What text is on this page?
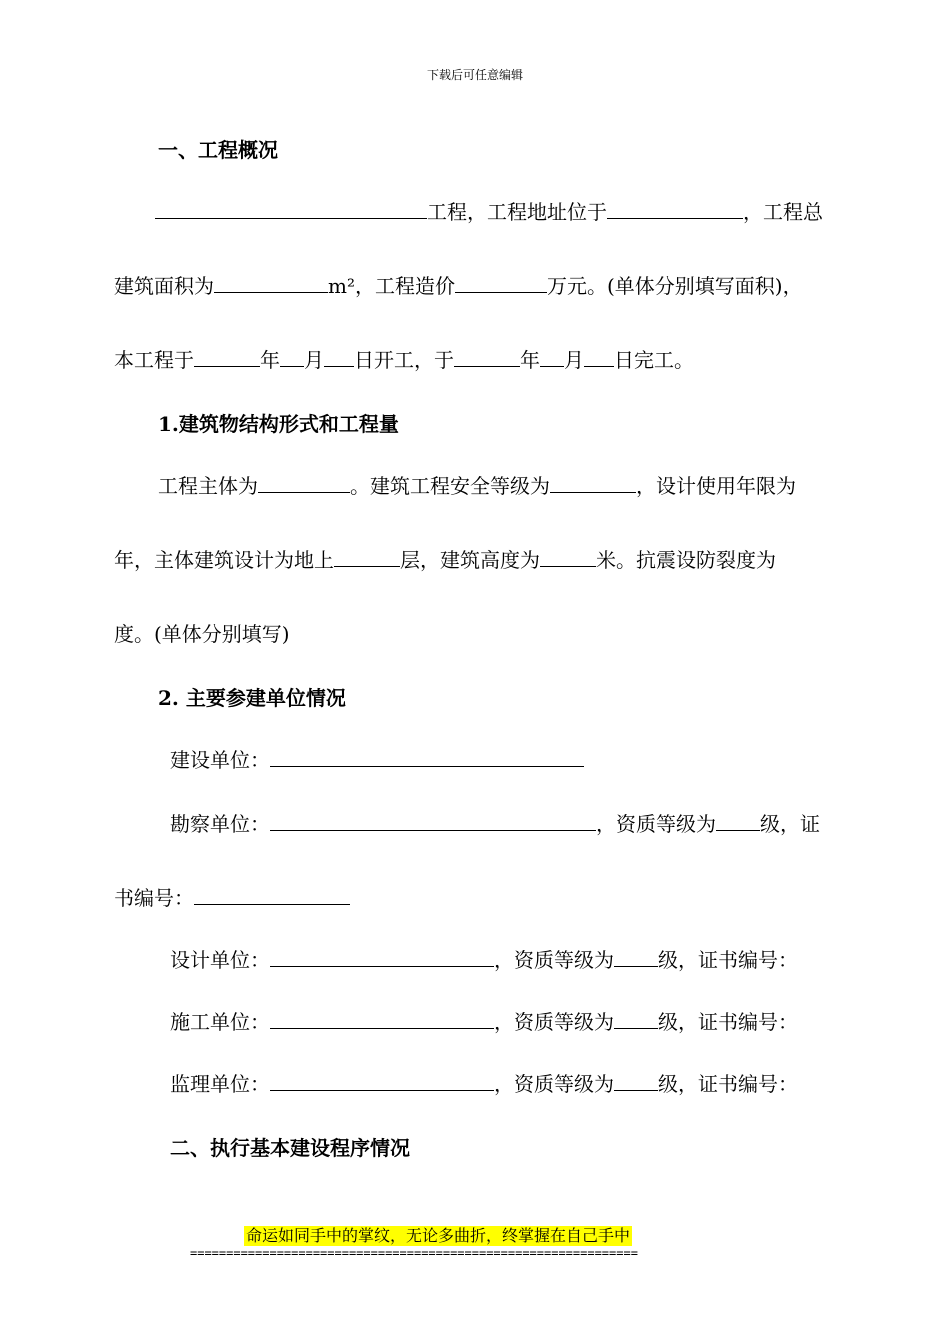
下载后可任意编辑
一、工程概况
工程，工程地址位于	，工程总
建筑面积为	m²，工程造价	万元。(单体分别填写面积)，
本工程于	年 月 日开工，于	年 月 日完工。
1.建筑物结构形式和工程量
工程主体为	。建筑工程安全等级为	，设计使用年限为
年，主体建筑设计为地上	层，建筑高度为	米。抗震设防裂度为
度。(单体分别填写)
2. 主要参建单位情况
建设单位：
勘察单位：	，资质等级为 级，证
书编号：
设计单位：	，资质等级为 级，证书编号：
施工单位：	，资质等级为 级，证书编号：
监理单位：	，资质等级为 级，证书编号：
二、执行基本建设程序情况
命运如同手中的掌纹，无论多曲折，终掌握在自己手中
==============================================================
